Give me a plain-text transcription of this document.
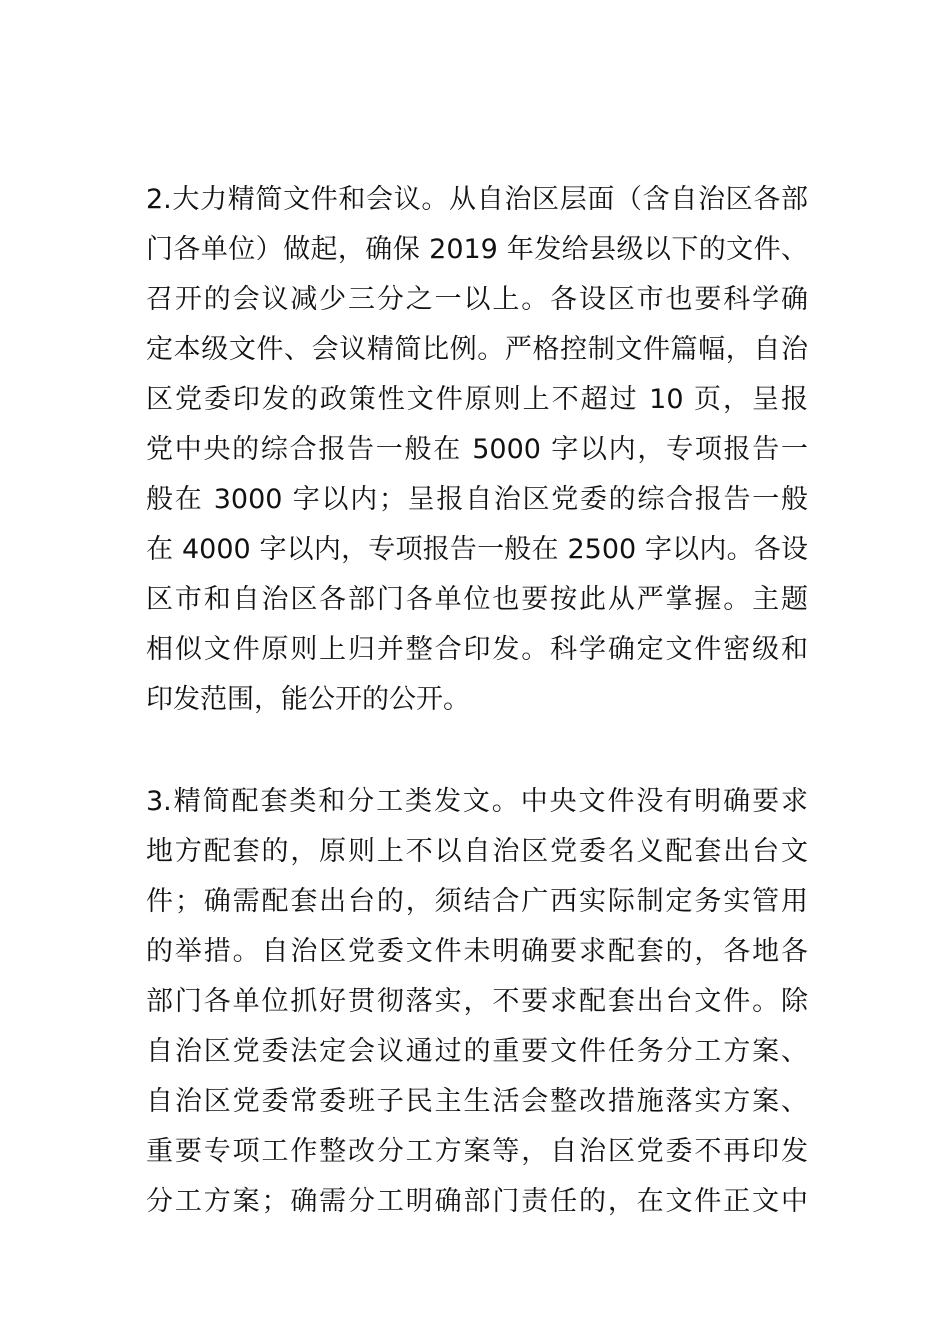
2.大力精简文件和会议。从自治区层面（含自治区各部
门各单位）做起，确保 2019 年发给县级以下的文件、
召开的会议减少三分之一以上。各设区市也要科学确
定本级文件、会议精简比例。严格控制文件篇幅，自治
区党委印发的政策性文件原则上不超过 10 页，呈报
党中央的综合报告一般在 5000 字以内，专项报告一
般在 3000 字以内；呈报自治区党委的综合报告一般
在 4000 字以内，专项报告一般在 2500 字以内。各设
区市和自治区各部门各单位也要按此从严掌握。主题
相似文件原则上归并整合印发。科学确定文件密级和
印发范围，能公开的公开。
3.精简配套类和分工类发文。中央文件没有明确要求
地方配套的，原则上不以自治区党委名义配套出台文
件；确需配套出台的，须结合广西实际制定务实管用
的举措。自治区党委文件未明确要求配套的，各地各
部门各单位抓好贯彻落实，不要求配套出台文件。除
自治区党委法定会议通过的重要文件任务分工方案、
自治区党委常委班子民主生活会整改措施落实方案、
重要专项工作整改分工方案等，自治区党委不再印发
分工方案；确需分工明确部门责任的，在文件正文中
